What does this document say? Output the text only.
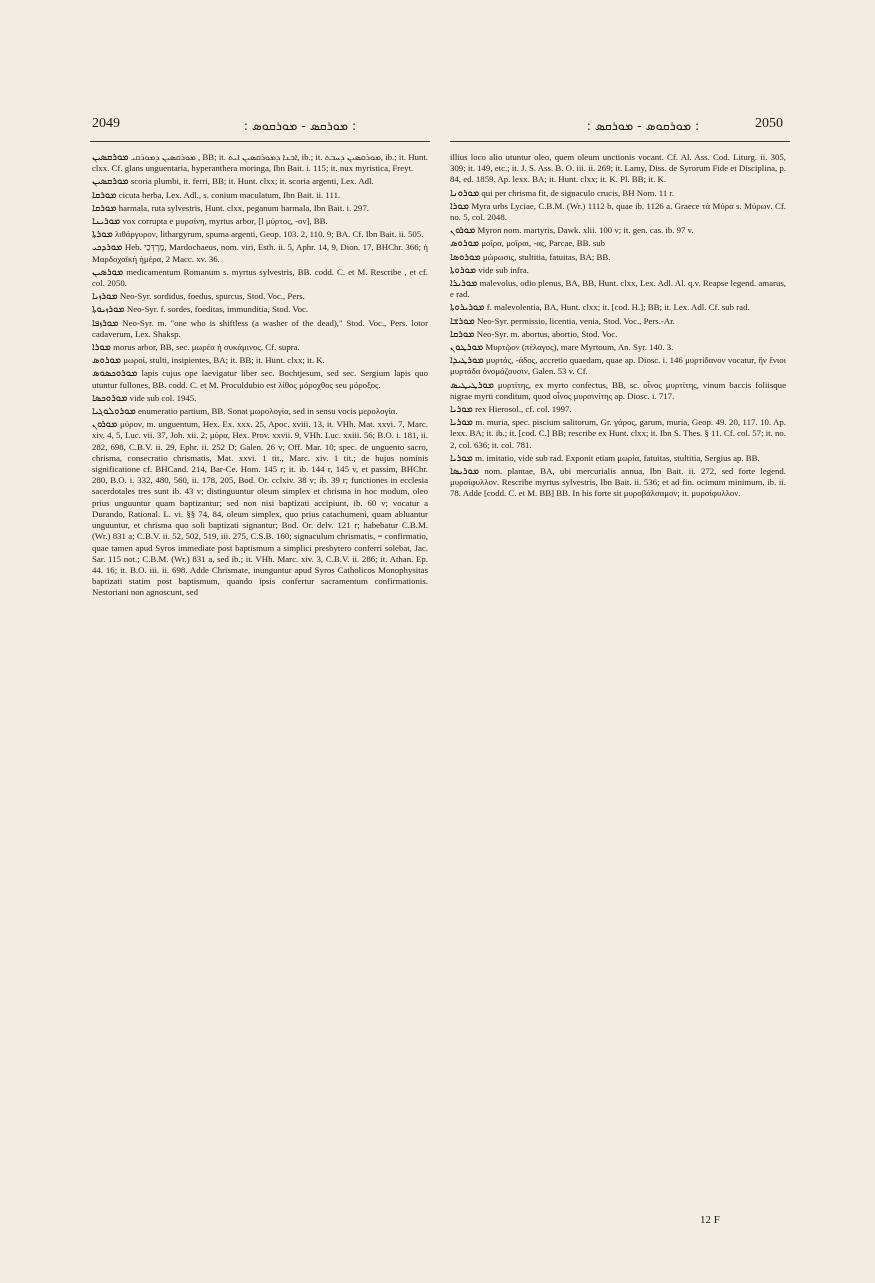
2049	: ܡܘܪܩܣ - ܡܘܪܩܘܣ :	: ܡܘܪܩܘܣ - ܡܘܪܩܣ :	2050

ܡܘܪܩܣܝܢ ܡܘܪܩܣܝܢ ܕܡܘܪܩܝ , BB; it. ܐܒܢܐ ܕܡܘܪܩܣܝܢ ܐܝܬ, ib.; it. ܡܘܪܩܣܝܢ ܕܚܒܬ, ib.; it. Hunt. clxx. Cf. glans unguentaria, hyperanthera moringa, Ibn Bait. i. 115; it. nux myristica, Freyt.

ܡܘܪܩܣܝܢ scoria plumbi, it. ferri, BB; it. Hunt. clxx; it. scoria argenti, Lex. Adl.

ܡܘܪܩܐ cicuta herba, Lex. Adl., s. conium maculatum, Ibn Bait. ii. 111.

ܡܘܪܩܐ harmala, ruta sylvestris, Hunt. clxx, peganum harmala, Ibn Bait. i. 297.

ܡܘܪܝܢܐ vox corrupta e μυρσίνη, myrtus arbor, [l μύρτος, -ον], BB.

ܡܘܪܬܐ λιθάργυρον, lithargyrum, spuma argenti, Geop. 103. 2, 110. 9; BA. Cf. Ibn Bait. ii. 505.

ܡܘܪܕܟܝ Heb. מָרְדְּכַי, Mardochaeus, nom. viri, Esth. ii. 5, Aphr. 14, 9, Dion. 17, BHChr. 366; ἡ Μαρδοχαϊκὴ ἡμέρα, 2 Macc. xv. 36.

ܡܘܪܣܝܢ medicamentum Romanum s. myrtus sylvestris, BB. codd. C. et M. Rescribe , et cf. col. 2050.

ܡܘܪܙܝܐ Neo-Syr. sordidus, foedus, spurcus, Stod. Voc., Pers.

ܡܘܪܙܝܘܬܐ Neo-Syr. f. sordes, foeditas, immunditia, Stod. Voc.

ܡܘܪܙܦܐ Neo-Syr. m. "one who is shiftless (a washer of the dead)," Stod. Voc., Pers. lotor cadaverum, Lex. Shaksp.

ܡܘܪܐ morus arbor, BB, sec. μωρέα ἡ συκάμινος. Cf. supra.

ܡܘܪܘܣ μωροί, stulti, insipientes, BA; it. BB; it. Hunt. clxx; it. K.

ܡܘܪܘܟܣܘܣ lapis cujus ope laevigatur liber sec. Bochtjesum, sed sec. Sergium lapis quo utuntur fullones, BB. codd. C. et M. Proculdubio est λίθος μόροχθος seu μόροξος.

ܡܘܪܘܟܣܐ vide sub col. 1945.

ܡܘܪܘܠܘܓܝܐ enumeratio partium, BB. Sonat μωρολογία, sed in sensu vocis μερολογία.

ܡܘܪܘܢ μύρον, m. unguentum, Hex. Ex. xxx. 25, Apoc. xviii. 13, it. VHh. Mat. xxvi. 7, Marc. xiv. 4, 5, Luc. vii. 37, Joh. xii. 2; μύρα, Hex. Prov. xxvii. 9, VHh. Luc. xxiii. 56; B.O. i. 181, ii. 282, 698, C.B.V. ii. 29, Ephr. ii. 252 D; Galen. 26 v; Off. Mar. 10; spec. de unguento sacro, chrisma, consecratio chrismatis, Mat. xxvi. 1 tit., Marc. xiv. 1 tit.; de hujus nominis significatione cf. BHCand. 214, Bar-Ce. Hom. 145 r; it. ib. 144 r, 145 v, et passim, BHChr. 280, B.O. i. 332, 480, 560, ii. 178, 205, Bod. Or. cclxiv. 38 v; ib. 39 r; functiones in ecclesia sacerdotales tres sunt ib. 43 v; distinguuntur oleum simplex et chrisma in hoc modum, oleo prius unguuntur quam baptizantur; sed non nisi baptizati accipiunt, ib. 60 v; vocatur a Durando, Rational. L. vi. §§ 74, 84, oleum simplex, quo prius catachumeni, quam abluantur unguuntur, et chrisma quo soli baptizati signantur; Bod. Or. delv. 121 r; habebatur C.B.M. (Wr.) 831 a; C.B.V. ii. 52, 502, 519, iii. 275, C.S.B. 160; signaculum chrismatis, = confirmatio, quae tamen apud Syros immediate post baptismum a simplici presbytero conferri solebat, Jac. Sar. 115 not.; C.B.M. (Wr.) 831 a, sed ib.; it. VHh. Marc. xiv. 3, C.B.V. ii. 286; it. Athan. Ep. 44. 16; it. B.O. iii. ii. 698. Adde Chrismate, inunguntur apud Syros Catholicos Monophysitas baptizati statim post baptismum, quando ipsis confertur sacramentum confirmationis. Nestoriani non agnoscunt, sed

illius loco alio utuntur oleo, quem oleum unctionis vocant. Cf. Al. Ass. Cod. Liturg. ii. 305, 309; it. 149, etc.; it. J. S. Ass. B. O. iii. ii. 269; it. Lamy, Diss. de Syrorum Fide et Disciplina, p. 84, ed. 1859. Ap. lexx. BA; it. Hunt. clxx; it. K. Pl. BB; it. K.

ܡܘܪܘܢܐ qui per chrisma fit, de signaculo crucis, BH Nom. 11 r.

ܡܘܪܐ Myra urbs Lyciae, C.B.M. (Wr.) 1112 b, quae ib. 1126 a. Graece τὰ Μύρα s. Μύρων. Cf. no. 5, col. 2048.

ܡܘܪܘܢ Myron nom. martyris, Dawk. xlii. 100 v; it. gen. cas. ib. 97 v.

ܡܘܪܘܣ μοῖρα, μοῖραι, -ας, Parcae, BB. sub

ܡܘܪܘܣܐ μώρωσις, stultitia, fatuitas, BA; BB.

ܡܘܪܘܬܐ vide sub infra.

ܡܘܪܝܪܐ malevolus, odio plenus, BA, BB, Hunt. clxx, Lex. Adl. Al. q.v. Reapse legend. amarus, e rad.

ܡܘܪܝܪܘܬܐ f. malevolentia, BA, Hunt. clxx; it. [cod. H.]; BB; it. Lex. Adl. Cf. sub rad.

ܡܘܪܫܐ Neo-Syr. permissio, licentia, venia, Stod. Voc., Pers.-Ar.

ܡܘܪܩܐ Neo-Syr. m. abortus, abortio, Stod. Voc.

ܡܘܪܛܘܢ Μυρτῷον (πέλαγος), mare Myrtoum, An. Syr. 140. 3.

ܡܘܪܛܝܕܐ μυρτάς, -άδος, accretio quaedam, quae ap. Diosc. i. 146 μυρτίδανον vocatur, ἣν ἔνιοι μυρτάδα ὀνομάζουσιν, Galen. 53 v. Cf.

ܡܘܪܛܝܛܝܣ μυρτίτης, ex myrto confectus, BB, sc. οἶνος μυρτίτης, vinum baccis foliisque nigrae myrti conditum, quod οἶνος μυρσινίτης ap. Diosc. i. 717.

ܡܘܪܝܐ rex Hierosol., cf. col. 1997.

ܡܘܪܝܐ m. muria, spec. piscium salitorum, Gr. γάρος, garum, muria, Geop. 49. 20, 117. 10. Ap. lexx. BA; it. ib.; it. [cod. C.] BB; rescribe ex Hunt. clxx; it. Ibn S. Thes. § 11. Cf. col. 57; it. no. 2, col. 636; it. col. 781.

ܡܘܪܝܐ m. imitatio, vide sub rad. Exponit etiam μωρία, fatuitas, stultitia, Sergius ap. BB.

ܡܘܪܝܣܐ nom. plantae, BA, ubi mercurialis annua, Ibn Bait. ii. 272, sed forte legend. μυρσίφυλλον. Rescribe myrtus sylvestris, Ibn Bait. ii. 536; et ad fin. ocimum minimum, ib. ii. 78. Adde [codd. C. et M. BB] BB. In his forte sit μυροβάλσαμον; it. μυρσίφυλλον.

12 F
